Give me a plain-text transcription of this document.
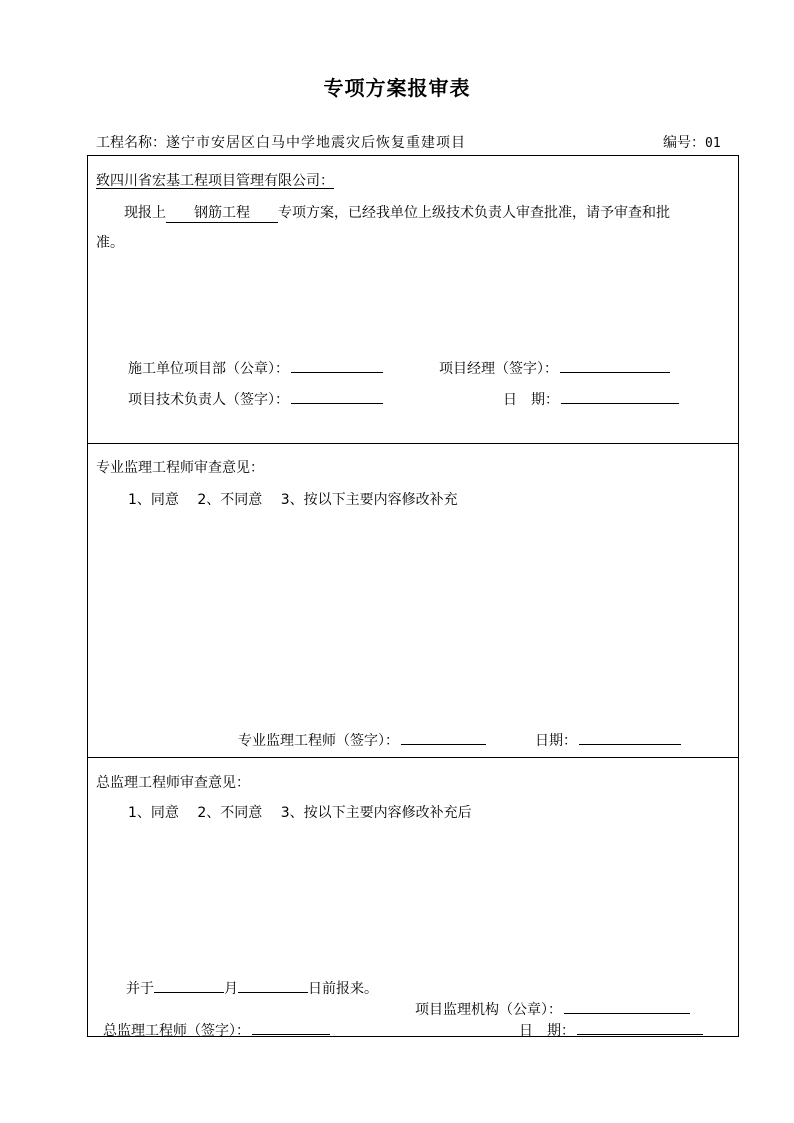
专项方案报审表
工程名称：遂宁市安居区白马中学地震灾后恢复重建项目	编号：01
致四川省宏基工程项目管理有限公司：
现报上 钢筋工程 专项方案，已经我单位上级技术负责人审查批准，请予审查和批
准。
施工单位项目部（公章）：	项目经理（签字）：
项目技术负责人（签字）：	日　期：
专业监理工程师审查意见：
1、同意　 2、不同意　 3、按以下主要内容修改补充
专业监理工程师（签字）：	日期：
总监理工程师审查意见：
1、同意　 2、不同意　 3、按以下主要内容修改补充后
并于	月	日前报来。
项目监理机构（公章）：
总监理工程师（签字）：	日　期：
